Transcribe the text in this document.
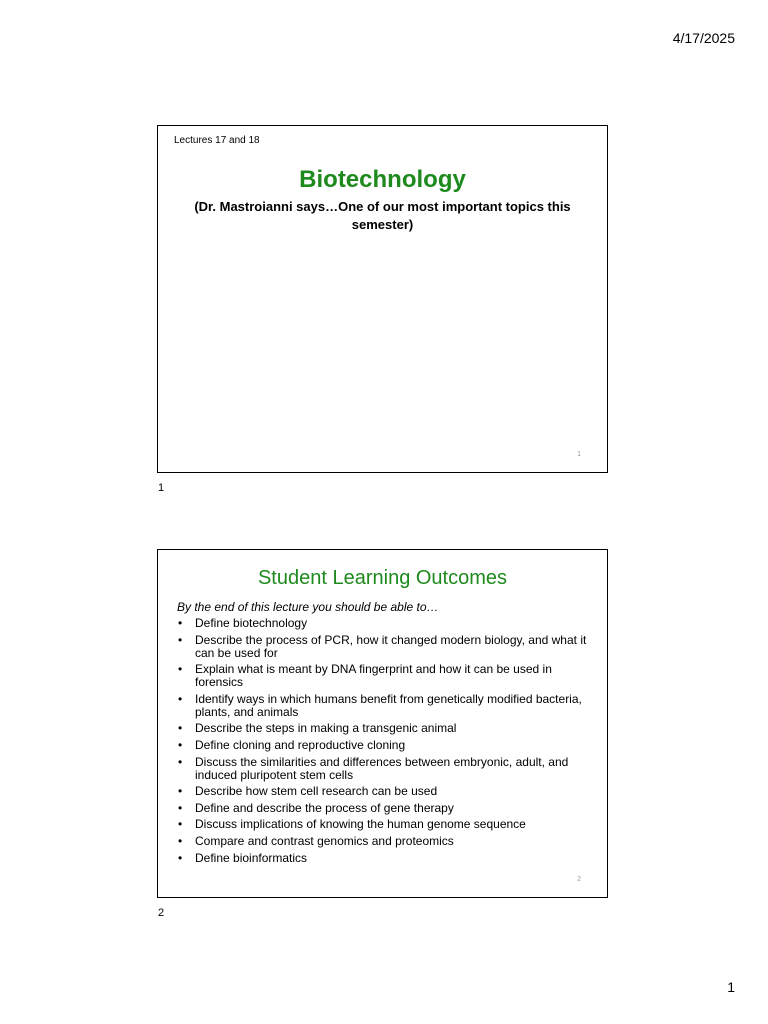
4/17/2025
Lectures 17 and 18
Biotechnology
(Dr. Mastroianni says…One of our most important topics this semester)
1
1
Student Learning Outcomes
By the end of this lecture you should be able to…
• Define biotechnology
• Describe the process of PCR, how it changed modern biology, and what it can be used for
• Explain what is meant by DNA fingerprint and how it can be used in forensics
• Identify ways in which humans benefit from genetically modified bacteria, plants, and animals
• Describe the steps in making a transgenic animal
• Define cloning and reproductive cloning
• Discuss the similarities and differences between embryonic, adult, and induced pluripotent stem cells
• Describe how stem cell research can be used
• Define and describe the process of gene therapy
• Discuss implications of knowing the human genome sequence
• Compare and contrast genomics and proteomics
• Define bioinformatics
2
2
1
